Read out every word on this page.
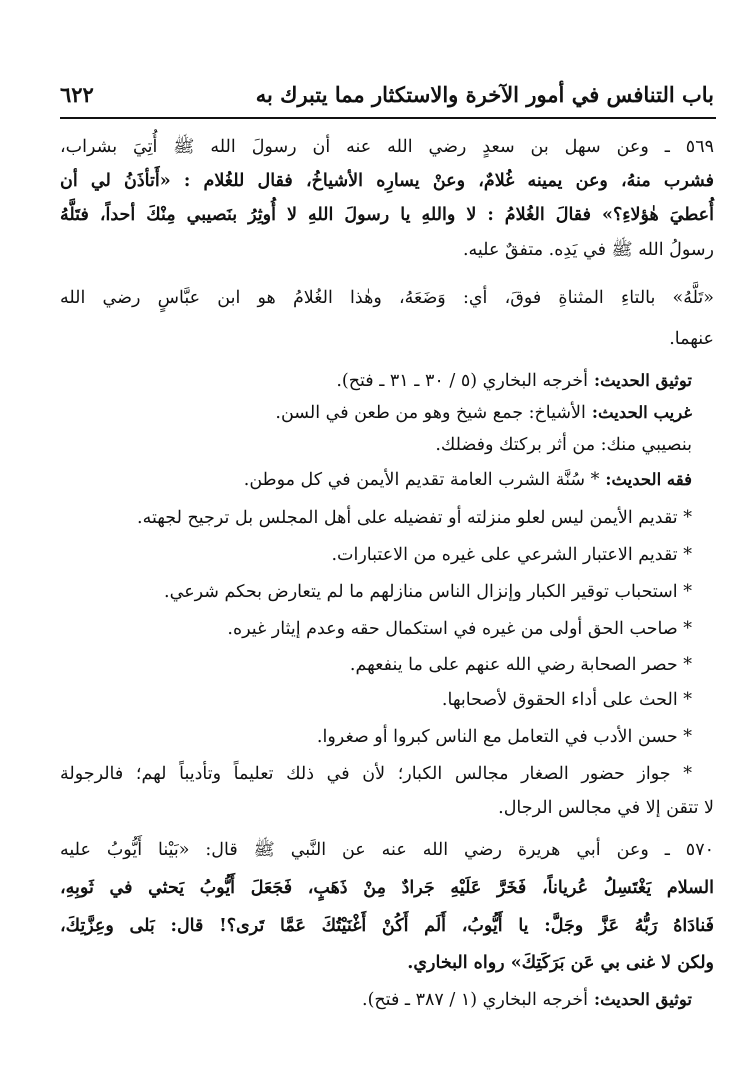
باب التنافس في أمور الآخرة والاستكثار مما يتبرك به
٦٢٢
٥٦٩ ـ وعن سهل بن سعدٍ رضي الله عنه أن رسولَ الله ﷺ أُتِيَ بشراب،
فشرب منهُ، وعن يمينه غُلامٌ، وعنْ يسارِه الأشياخُ، فقال للغُلام : «أَتأذَنُ لي أن
أُعطيَ هٰؤلاءِ؟» فقالَ الغُلامُ : لا واللهِ يا رسولَ اللهِ لا أُوثِرُ بنَصيبي مِنْكَ أحداً، فتَلَّهُ
رسولُ الله ﷺ في يَدِه. متفقٌ عليه.
«تَلَّهُ» بالتاءِ المثناةِ فوقَ، أي: وَضَعَهُ، وهٰذا الغُلامُ هو ابن عبَّاسٍ رضي الله
عنهما.
توثيق الحديث:أخرجه البخاري (٥ / ٣٠ ـ ٣١ ـ فتح).
غريب الحديث:الأشياخ: جمع شيخ وهو من طعن في السن.
بنصيبي منك: من أثر بركتك وفضلك.
فقه الحديث:* سُنَّة الشرب العامة تقديم الأيمن في كل موطن.
* تقديم الأيمن ليس لعلو منزلته أو تفضيله على أهل المجلس بل ترجيح لجهته.
* تقديم الاعتبار الشرعي على غيره من الاعتبارات.
* استحباب توقير الكبار وإنزال الناس منازلهم ما لم يتعارض بحكم شرعي.
* صاحب الحق أولى من غيره في استكمال حقه وعدم إيثار غيره.
* حصر الصحابة رضي الله عنهم على ما ينفعهم.
* الحث على أداء الحقوق لأصحابها.
* حسن الأدب في التعامل مع الناس كبروا أو صغروا.
* جواز حضور الصغار مجالس الكبار؛ لأن في ذلك تعليماً وتأديباً لهم؛ فالرجولة
لا تتقن إلا في مجالس الرجال.
٥٧٠ ـ وعن أبي هريرة رضي الله عنه عن النَّبي ﷺ قال: «بَيْنا أَيُّوبُ عليه
السلام يَغْتَسِلُ عُرياناً، فَخَرَّ عَلَيْهِ جَرادٌ مِنْ ذَهَبٍ، فَجَعَلَ أَيُّوبُ يَحثي في ثَوبِهِ،
فَنادَاهُ رَبُّهُ عَزَّ وجَلَّ: يا أَيُّوبُ، أَلَم أَكُنْ أَغْنَيْتُكَ عَمَّا تَرى؟! قال: بَلى وعِزَّتِكَ،
ولكن لا غنى بي عَن بَرَكَتِكَ» رواه البخاري.
توثيق الحديث:أخرجه البخاري (١ / ٣٨٧ ـ فتح).
